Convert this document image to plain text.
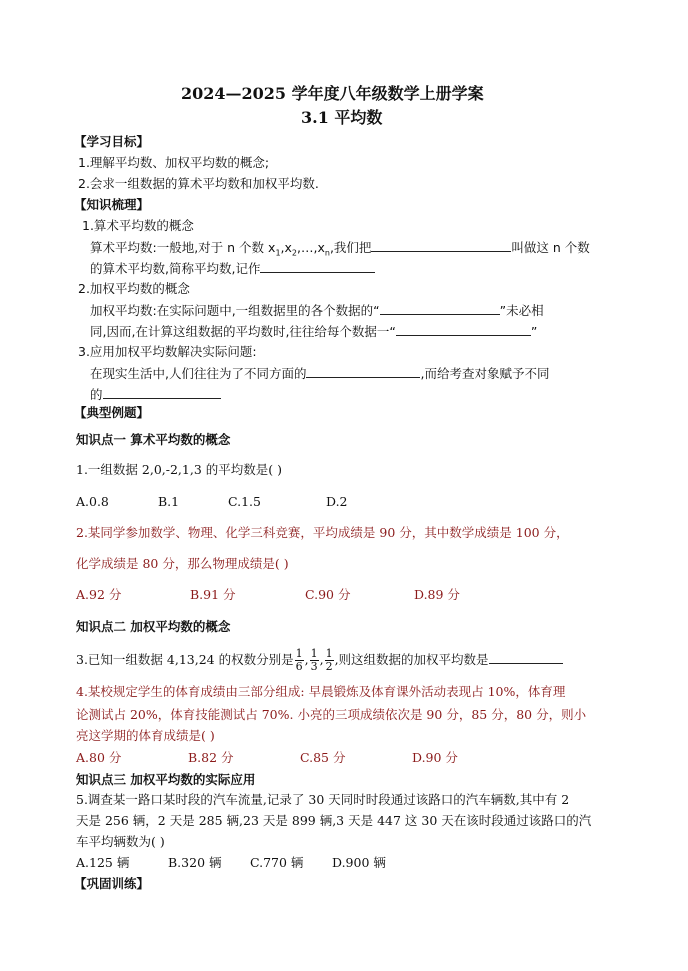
2024—2025 学年度八年级数学上册学案
3.1 平均数
【学习目标】
1.理解平均数、加权平均数的概念;
2.会求一组数据的算术平均数和加权平均数.
【知识梳理】
1.算术平均数的概念
算术平均数:一般地,对于 n 个数 $x_1,x_2,\dots,x_n$,我们把	叫做这 n 个数
的算术平均数,简称平均数,记作
2.加权平均数的概念
加权平均数:在实际问题中,一组数据里的各个数据的“	”未必相
同,因而,在计算这组数据的平均数时,往往给每个数据一“	”
3.应用加权平均数解决实际问题:
在现实生活中,人们往往为了不同方面的	,而给考查对象赋予不同
的
【典型例题】
知识点一 算术平均数的概念
1.一组数据 2,0,-2,1,3 的平均数是( )
A.0.8	B.1	C.1.5	D.2
2.某同学参加数学、物理、化学三科竞赛，平均成绩是 90 分，其中数学成绩是 100 分，
化学成绩是 80 分，那么物理成绩是( )
A.92 分	B.91 分	C.90 分	D.89 分
知识点二 加权平均数的概念
3.已知一组数据 4,13,24 的权数分别是 $\frac{1}{6}$ , $\frac{1}{3}$ , $\frac{1}{2}$ ,则这组数据的加权平均数是
4.某校规定学生的体育成绩由三部分组成: 早晨锻炼及体育课外活动表现占 10%，体育理
论测试占 20%，体育技能测试占 70%. 小亮的三项成绩依次是 90 分，85 分，80 分，则小
亮这学期的体育成绩是( )
A.80 分	B.82 分	C.85 分	D.90 分
知识点三 加权平均数的实际应用
5.调查某一路口某时段的汽车流量,记录了 30 天同时时段通过该路口的汽车辆数,其中有 2
天是 256 辆，2 天是 285 辆,23 天是 899 辆,3 天是 447 这 30 天在该时段通过该路口的汽
车平均辆数为( )
A.125 辆	B.320 辆 C.770 辆 D.900 辆
【巩固训练】
